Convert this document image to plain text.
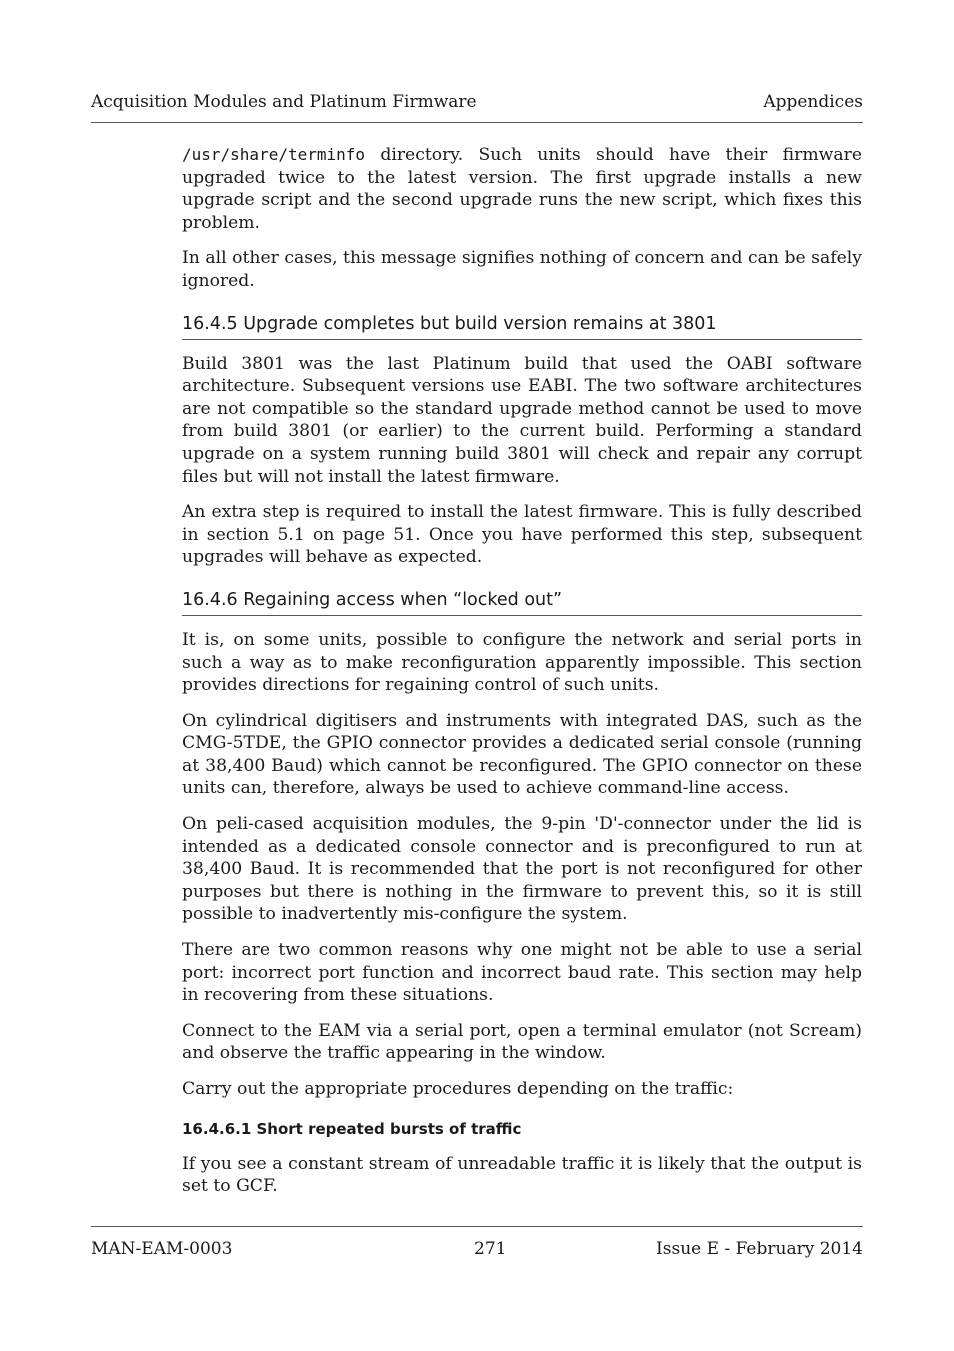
Acquisition Modules and Platinum Firmware	Appendices

/usr/share/terminfo directory. Such units should have their firmware upgraded twice to the latest version. The first upgrade installs a new upgrade script and the second upgrade runs the new script, which fixes this problem.

In all other cases, this message signifies nothing of concern and can be safely ignored.

16.4.5 Upgrade completes but build version remains at 3801

Build 3801 was the last Platinum build that used the OABI software architecture. Subsequent versions use EABI. The two software architectures are not compatible so the standard upgrade method cannot be used to move from build 3801 (or earlier) to the current build. Performing a standard upgrade on a system running build 3801 will check and repair any corrupt files but will not install the latest firmware.

An extra step is required to install the latest firmware. This is fully described in section 5.1 on page 51. Once you have performed this step, subsequent upgrades will behave as expected.

16.4.6 Regaining access when “locked out”

It is, on some units, possible to configure the network and serial ports in such a way as to make reconfiguration apparently impossible. This section provides directions for regaining control of such units.

On cylindrical digitisers and instruments with integrated DAS, such as the CMG-5TDE, the GPIO connector provides a dedicated serial console (running at 38,400 Baud) which cannot be reconfigured. The GPIO connector on these units can, therefore, always be used to achieve command-line access.

On peli-cased acquisition modules, the 9-pin 'D'-connector under the lid is intended as a dedicated console connector and is preconfigured to run at 38,400 Baud. It is recommended that the port is not reconfigured for other purposes but there is nothing in the firmware to prevent this, so it is still possible to inadvertently mis-configure the system.

There are two common reasons why one might not be able to use a serial port: incorrect port function and incorrect baud rate. This section may help in recovering from these situations.

Connect to the EAM via a serial port, open a terminal emulator (not Scream) and observe the traffic appearing in the window.

Carry out the appropriate procedures depending on the traffic:

16.4.6.1 Short repeated bursts of traffic

If you see a constant stream of unreadable traffic it is likely that the output is set to GCF.

MAN-EAM-0003	271	Issue E - February 2014
